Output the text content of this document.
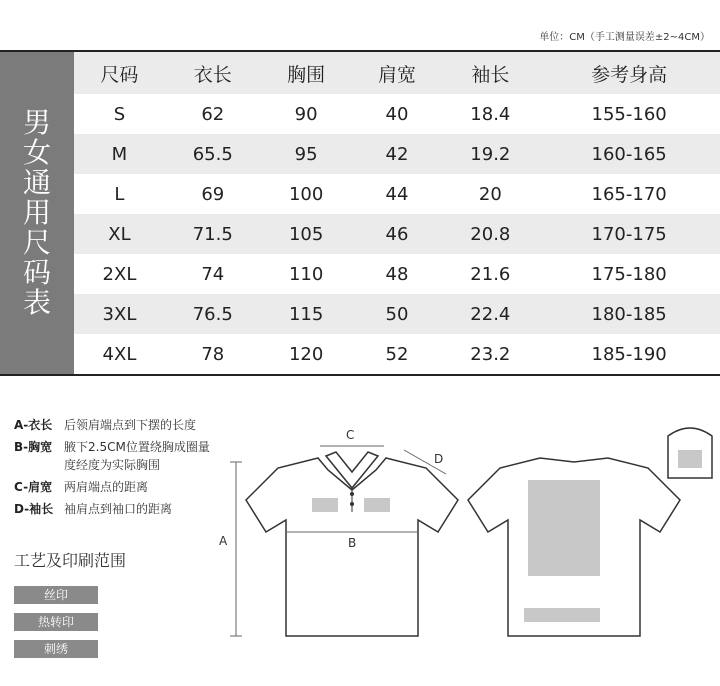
单位：CM（手工测量误差±2~4CM）
男女通用尺码表
尺码	衣长	胸围	肩宽	袖长	参考身高
S	62	90	40	18.4	155-160
M	65.5	95	42	19.2	160-165
L	69	100	44	20	165-170
XL	71.5	105	46	20.8	170-175
2XL	74	110	48	21.6	175-180
3XL	76.5	115	50	22.4	180-185
4XL	78	120	52	23.2	185-190
A-衣长 后领肩端点到下摆的长度
B-胸宽 腋下2.5CM位置绕胸成圈量度经度为实际胸围
C-肩宽 两肩端点的距离
D-袖长 袖肩点到袖口的距离
工艺及印刷范围
丝印
热转印
刺绣
C
B
A
D
